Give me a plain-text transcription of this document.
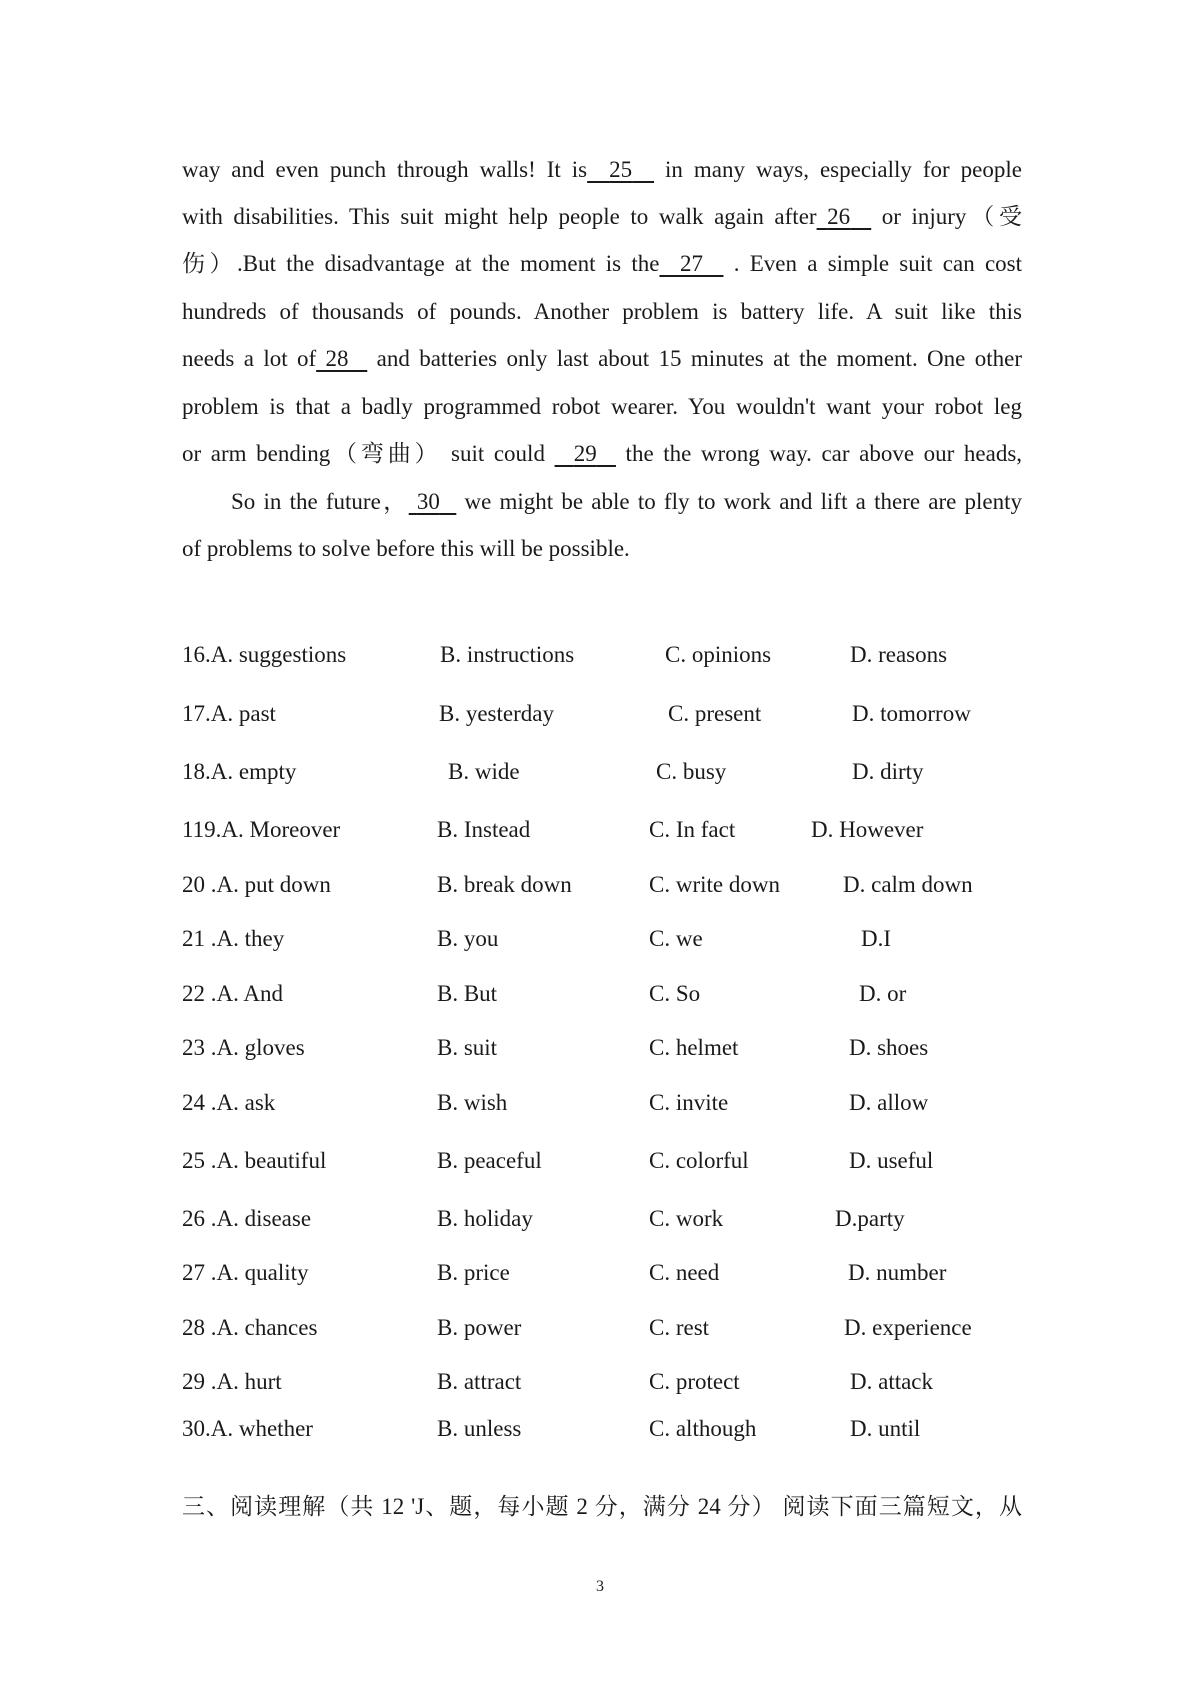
way and even punch through walls! It is 25   in many ways, especially for people
with disabilities. This suit might help people to walk again after 26   or injury（受
伤）.But the disadvantage at the moment is the 27   . Even a simple suit can cost
hundreds of thousands of pounds. Another problem is battery life. A suit like this
needs a lot of 28   and batteries only last about 15 minutes at the moment. One other
problem is that a badly programmed robot wearer. You wouldn't want your robot leg
or arm bending（弯曲） suit could   29   the the wrong way. car above our heads,
So in the future， 30   we might be able to fly to work and lift a there are plenty
of problems to solve before this will be possible.
16.A. suggestions	B. instructions	C. opinions	D. reasons
17.A. past	B. yesterday	C. present	D. tomorrow
18.A. empty	B. wide	C. busy	D. dirty
119.A. Moreover	B. Instead	C. In fact	D. However
20 .A. put down	B. break down	C. write down	D. calm down
21 .A. they	B. you	C. we	D.I
22 .A. And	B. But	C. So	D. or
23 .A. gloves	B. suit	C. helmet	D. shoes
24 .A. ask	B. wish	C. invite	D. allow
25 .A. beautiful	B. peaceful	C. colorful	D. useful
26 .A. disease	B. holiday	C. work	D.party
27 .A. quality	B. price	C. need	D. number
28 .A. chances	B. power	C. rest	D. experience
29 .A. hurt	B. attract	C. protect	D. attack
30.A. whether	B. unless	C. although	D. until
三、阅读理解（共 12 'J、题，每小题 2 分，满分 24 分） 阅读下面三篇短文，从
3
